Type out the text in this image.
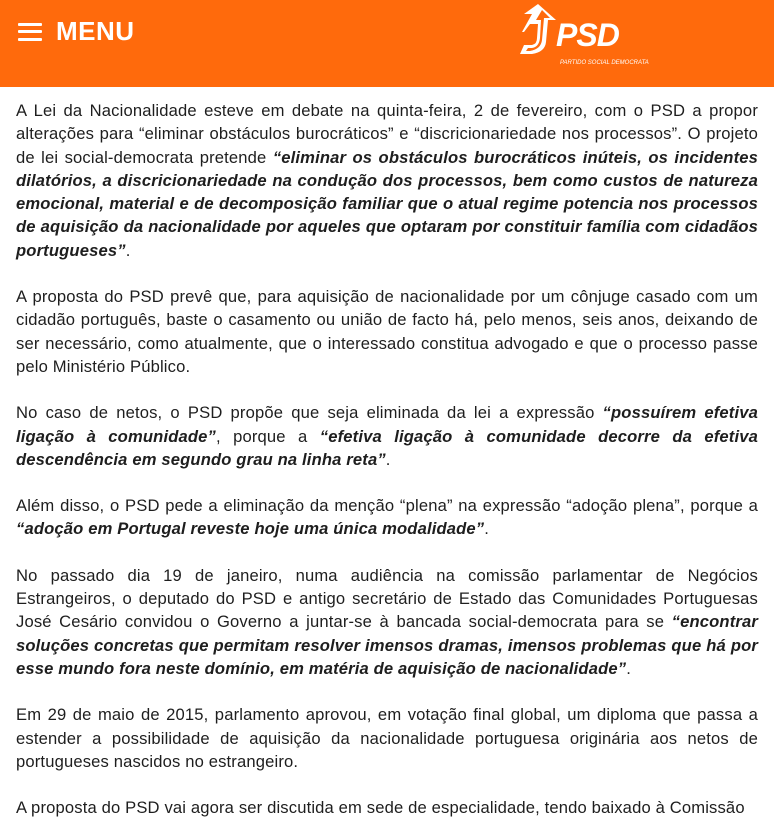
MENU	PSD
PARTIDO SOCIAL DEMOCRATA

A Lei da Nacionalidade esteve em debate na quinta-feira, 2 de fevereiro, com o PSD a propor alterações para “eliminar obstáculos burocráticos” e “discricionariedade nos processos”. O projeto de lei social-democrata pretende “eliminar os obstáculos burocráticos inúteis, os incidentes dilatórios, a discricionariedade na condução dos processos, bem como custos de natureza emocional, material e de decomposição familiar que o atual regime potencia nos processos de aquisição da nacionalidade por aqueles que optaram por constituir família com cidadãos portugueses”.

A proposta do PSD prevê que, para aquisição de nacionalidade por um cônjuge casado com um cidadão português, baste o casamento ou união de facto há, pelo menos, seis anos, deixando de ser necessário, como atualmente, que o interessado constitua advogado e que o processo passe pelo Ministério Público.

No caso de netos, o PSD propõe que seja eliminada da lei a expressão “possuírem efetiva ligação à comunidade”, porque a “efetiva ligação à comunidade decorre da efetiva descendência em segundo grau na linha reta”.

Além disso, o PSD pede a eliminação da menção “plena” na expressão “adoção plena”, porque a “adoção em Portugal reveste hoje uma única modalidade”.

No passado dia 19 de janeiro, numa audiência na comissão parlamentar de Negócios Estrangeiros, o deputado do PSD e antigo secretário de Estado das Comunidades Portuguesas José Cesário convidou o Governo a juntar-se à bancada social-democrata para se “encontrar soluções concretas que permitam resolver imensos dramas, imensos problemas que há por esse mundo fora neste domínio, em matéria de aquisição de nacionalidade”.

Em 29 de maio de 2015, parlamento aprovou, em votação final global, um diploma que passa a estender a possibilidade de aquisição da nacionalidade portuguesa originária aos netos de portugueses nascidos no estrangeiro.

A proposta do PSD vai agora ser discutida em sede de especialidade, tendo baixado à Comissão
